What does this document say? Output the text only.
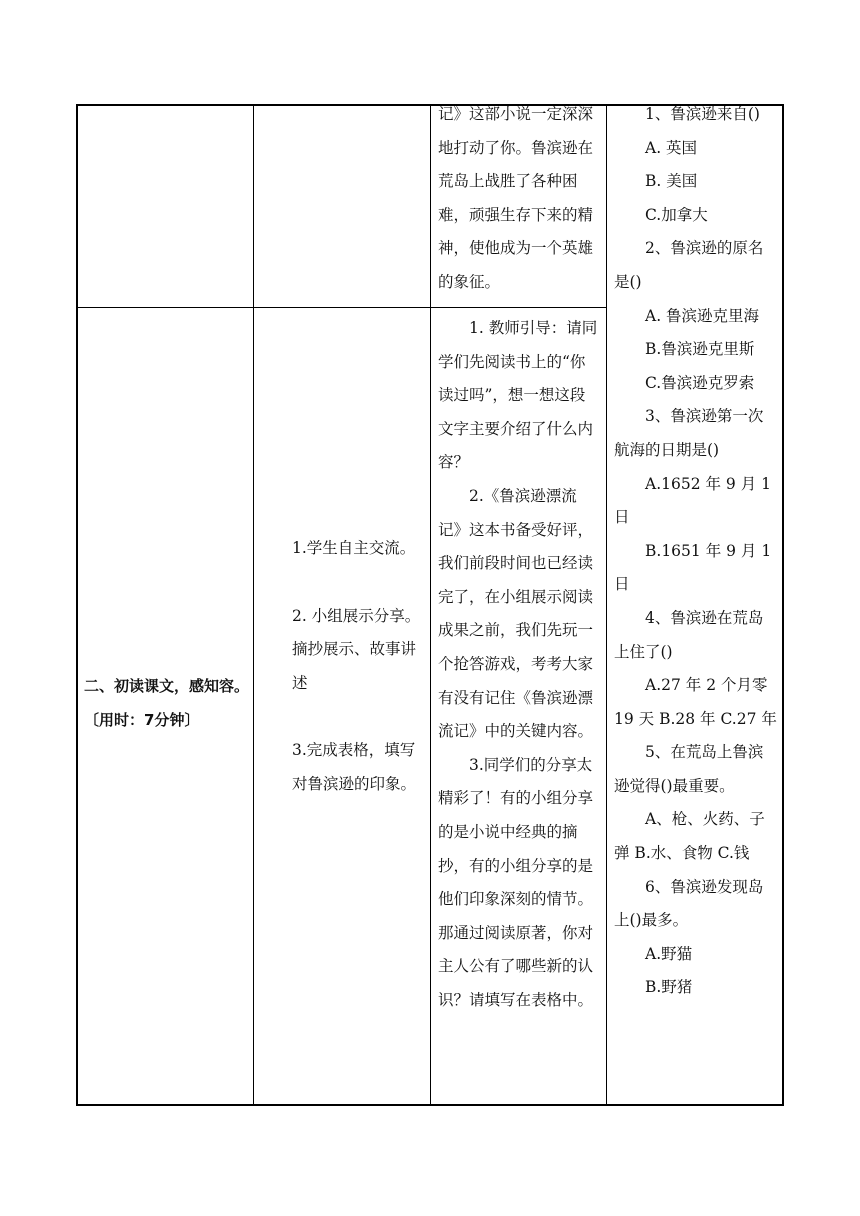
记》这部小说一定深深地打动了你。鲁滨逊在荒岛上战胜了各种困难，顽强生存下来的精神，使他成为一个英雄的象征。

二、初读课文，感知容。〔用时：7分钟〕

1.学生自主交流。

2. 小组展示分享。

摘抄展示、故事讲述

3.完成表格，填写对鲁滨逊的印象。

1. 教师引导：请同学们先阅读书上的“你读过吗”，想一想这段文字主要介绍了什么内容？

2.《鲁滨逊漂流记》这本书备受好评，我们前段时间也已经读完了，在小组展示阅读成果之前，我们先玩一个抢答游戏，考考大家有没有记住《鲁滨逊漂流记》中的关键内容。

3.同学们的分享太精彩了！有的小组分享的是小说中经典的摘抄，有的小组分享的是他们印象深刻的情节。那通过阅读原著，你对主人公有了哪些新的认识？请填写在表格中。

1、鲁滨逊来自()

A. 英国

B. 美国

C.加拿大

2、鲁滨逊的原名是()

A. 鲁滨逊克里海

B.鲁滨逊克里斯

C.鲁滨逊克罗索

3、鲁滨逊第一次航海的日期是()

A.1652 年 9 月 1 日

B.1651 年 9 月 1 日

4、鲁滨逊在荒岛上住了()

A.27 年 2 个月零 19 天 B.28 年 C.27 年

5、在荒岛上鲁滨逊觉得()最重要。

A、枪、火药、子弹 B.水、食物 C.钱

6、鲁滨逊发现岛上()最多。

A.野猫

B.野猪
